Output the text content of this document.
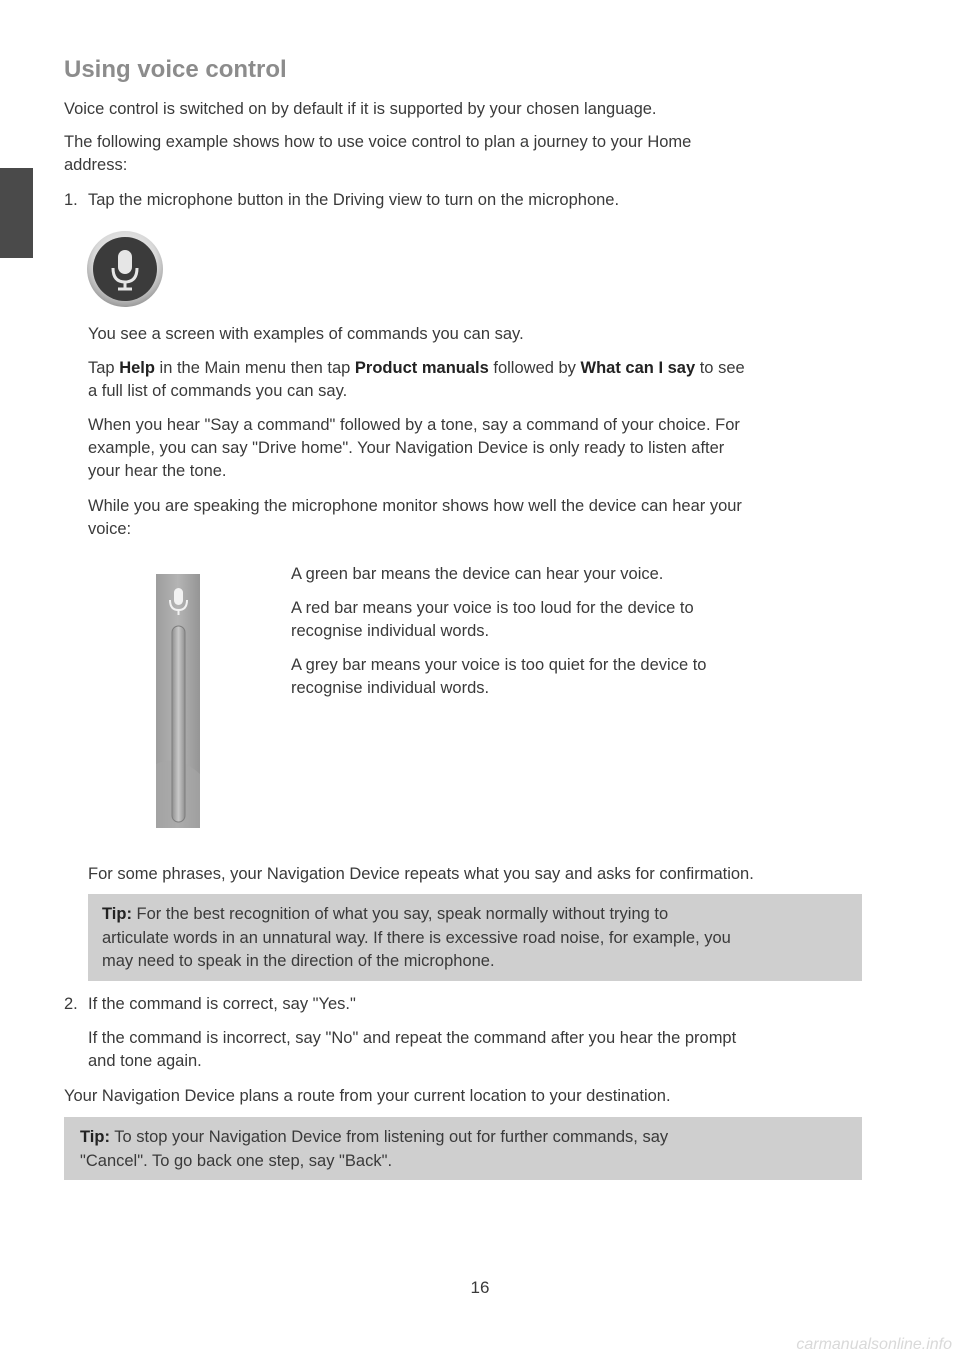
Using voice control

Voice control is switched on by default if it is supported by your chosen language.

The following example shows how to use voice control to plan a journey to your Home

address:

1. Tap the microphone button in the Driving view to turn on the microphone.

You see a screen with examples of commands you can say.

Tap Help in the Main menu then tap Product manuals followed by What can I say to see

a full list of commands you can say.

When you hear "Say a command" followed by a tone, say a command of your choice. For

example, you can say "Drive home". Your Navigation Device is only ready to listen after

your hear the tone.

While you are speaking the microphone monitor shows how well the device can hear your

voice:

A green bar means the device can hear your voice.

A red bar means your voice is too loud for the device to

recognise individual words.

A grey bar means your voice is too quiet for the device to

recognise individual words.

For some phrases, your Navigation Device repeats what you say and asks for confirmation.

Tip: For the best recognition of what you say, speak normally without trying to
articulate words in an unnatural way. If there is excessive road noise, for example, you
may need to speak in the direction of the microphone.
2. If the command is correct, say "Yes."

If the command is incorrect, say "No" and repeat the command after you hear the prompt

and tone again.

Your Navigation Device plans a route from your current location to your destination.

Tip: To stop your Navigation Device from listening out for further commands, say
"Cancel". To go back one step, say "Back".
16
carmanualsonline.info
